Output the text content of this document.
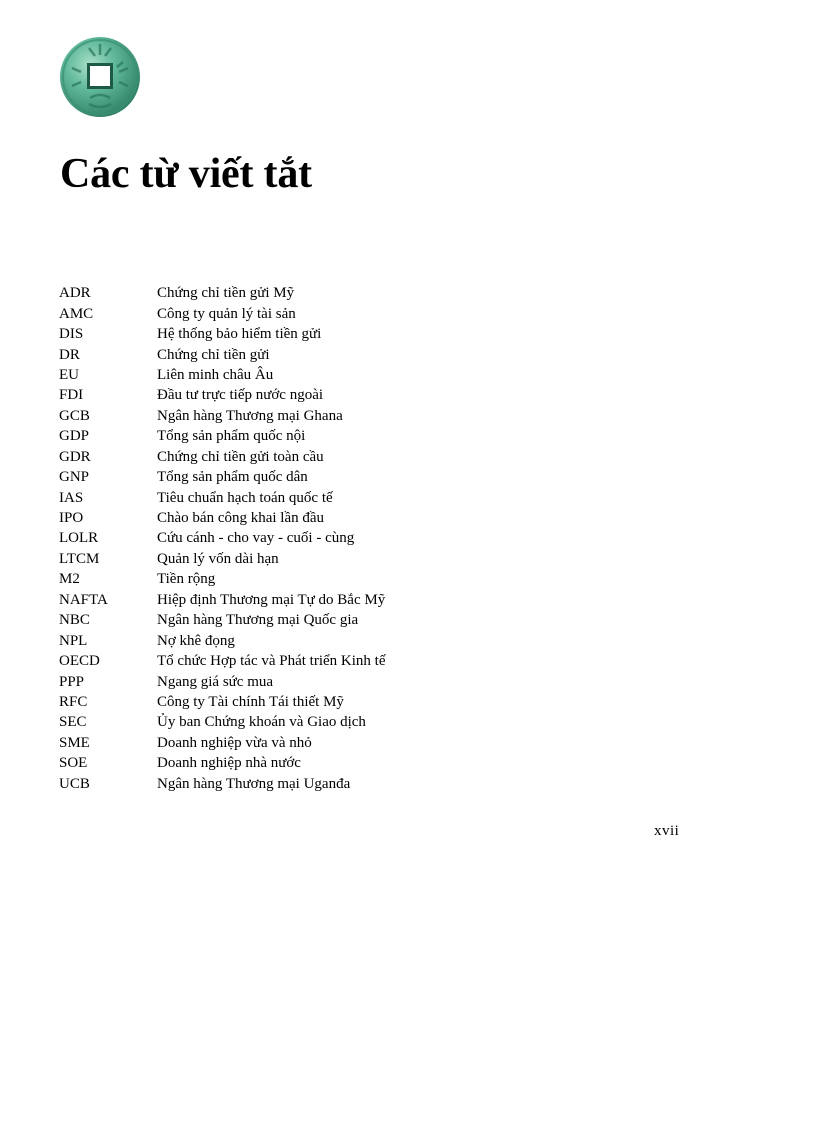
Các từ viết tắt
ADR	Chứng chỉ tiền gửi Mỹ
AMC	Công ty quản lý tài sản
DIS	Hệ thống bảo hiểm tiền gửi
DR	Chứng chỉ tiền gửi
EU	Liên minh châu Âu
FDI	Đầu tư trực tiếp nước ngoài
GCB	Ngân hàng Thương mại Ghana
GDP	Tổng sản phẩm quốc nội
GDR	Chứng chỉ tiền gửi toàn cầu
GNP	Tổng sản phẩm quốc dân
IAS	Tiêu chuẩn hạch toán quốc tế
IPO	Chào bán công khai lần đầu
LOLR	Cứu cánh - cho vay - cuối - cùng
LTCM	Quản lý vốn dài hạn
M2	Tiền rộng
NAFTA	Hiệp định Thương mại Tự do Bắc Mỹ
NBC	Ngân hàng Thương mại Quốc gia
NPL	Nợ khê đọng
OECD	Tổ chức Hợp tác và Phát triển Kinh tế
PPP	Ngang giá sức mua
RFC	Công ty Tài chính Tái thiết Mỹ
SEC	Ủy ban Chứng khoán và Giao dịch
SME	Doanh nghiệp vừa và nhỏ
SOE	Doanh nghiệp nhà nước
UCB	Ngân hàng Thương mại Uganđa
xvii
